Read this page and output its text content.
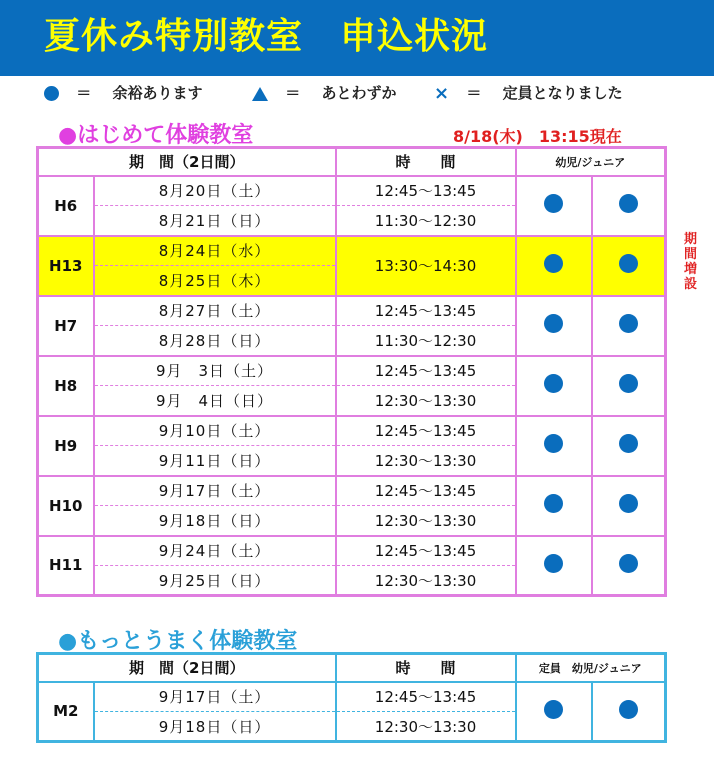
夏休み特別教室　申込状況
＝ 余裕あります	＝ あとわずか × ＝ 定員となりました
●はじめて体験教室	8/18(木)　13:15現在
期　間（2日間）		時　　間	幼児/ジュニア	
H6	8月20日（土）	12:45～13:45		
	8月21日（日）	11:30～12:30		
H13	8月24日（水）	13:30～14:30		
	8月25日（木）			
H7	8月27日（土）	12:45～13:45		
	8月28日（日）	11:30～12:30		
H8	9月　3日（土）	12:45～13:45		
	9月　4日（日）	12:30～13:30		
H9	9月10日（土）	12:45～13:45		
	9月11日（日）	12:30～13:30		
H10	9月17日（土）	12:45～13:45		
	9月18日（日）	12:30～13:30		
H11	9月24日（土）	12:45～13:45		
	9月25日（日）	12:30～13:30		
期間増設
●もっとうまく体験教室
期　間（2日間）		時　　間	定員　幼児/ジュニア	
M2	9月17日（土）	12:45～13:45		
	9月18日（日）	12:30～13:30		
